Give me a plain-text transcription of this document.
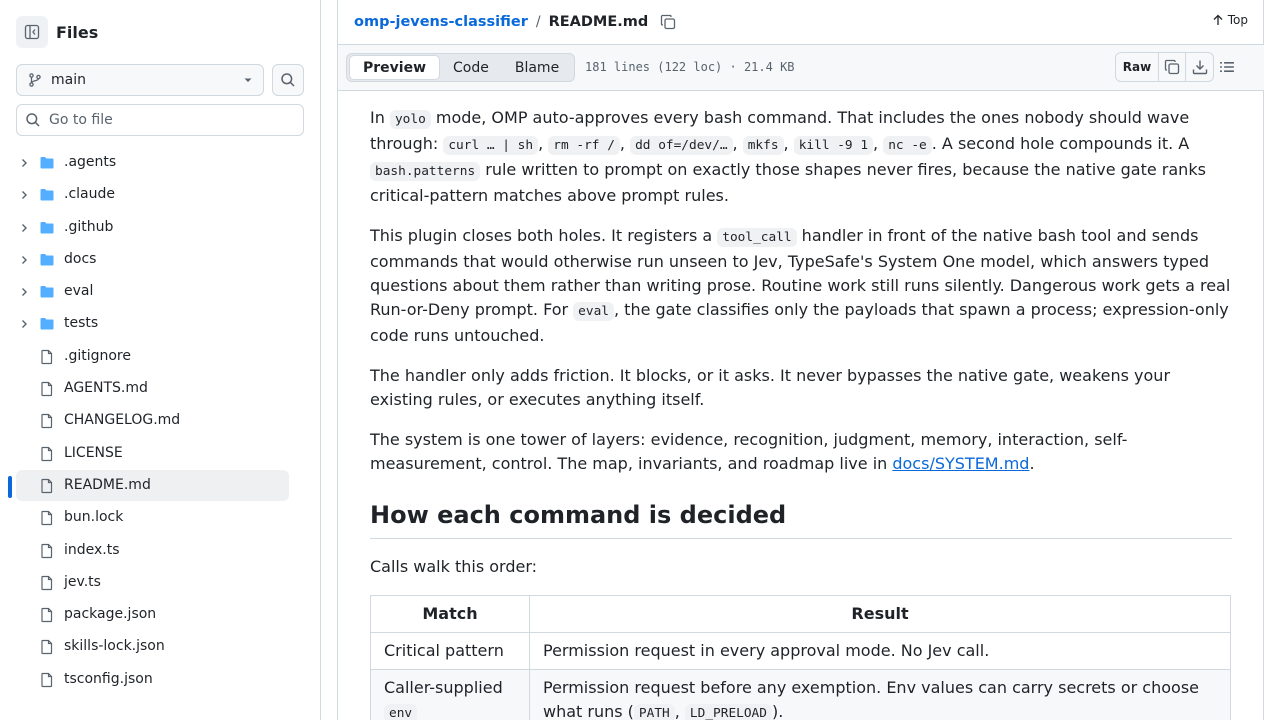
Files
main
Go to file
.agents
.claude
.github
docs
eval
tests
.gitignore
AGENTS.md
CHANGELOG.md
LICENSE
README.md
bun.lock
index.ts
jev.ts
package.json
skills-lock.json
tsconfig.json
omp-jevens-classifier / README.md	Top
Preview	Code	Blame	181 lines (122 loc) · 21.4 KB	Raw

In yolo mode, OMP auto-approves every bash command. That includes the ones nobody should wave through: curl … | sh , rm -rf / , dd of=/dev/… , mkfs , kill -9 1 , nc -e . A second hole compounds it. A bash.patterns rule written to prompt on exactly those shapes never fires, because the native gate ranks critical-pattern matches above prompt rules.

This plugin closes both holes. It registers a tool_call handler in front of the native bash tool and sends commands that would otherwise run unseen to Jev, TypeSafe's System One model, which answers typed questions about them rather than writing prose. Routine work still runs silently. Dangerous work gets a real Run-or-Deny prompt. For eval , the gate classifies only the payloads that spawn a process; expression-only code runs untouched.

The handler only adds friction. It blocks, or it asks. It never bypasses the native gate, weakens your existing rules, or executes anything itself.

The system is one tower of layers: evidence, recognition, judgment, memory, interaction, self-measurement, control. The map, invariants, and roadmap live in docs/SYSTEM.md.

How each command is decided

Calls walk this order:

Match	Result
Critical pattern	Permission request in every approval mode. No Jev call.
Caller-supplied
env	Permission request before any exemption. Env values can carry secrets or choose what runs ( PATH , LD_PRELOAD ).
